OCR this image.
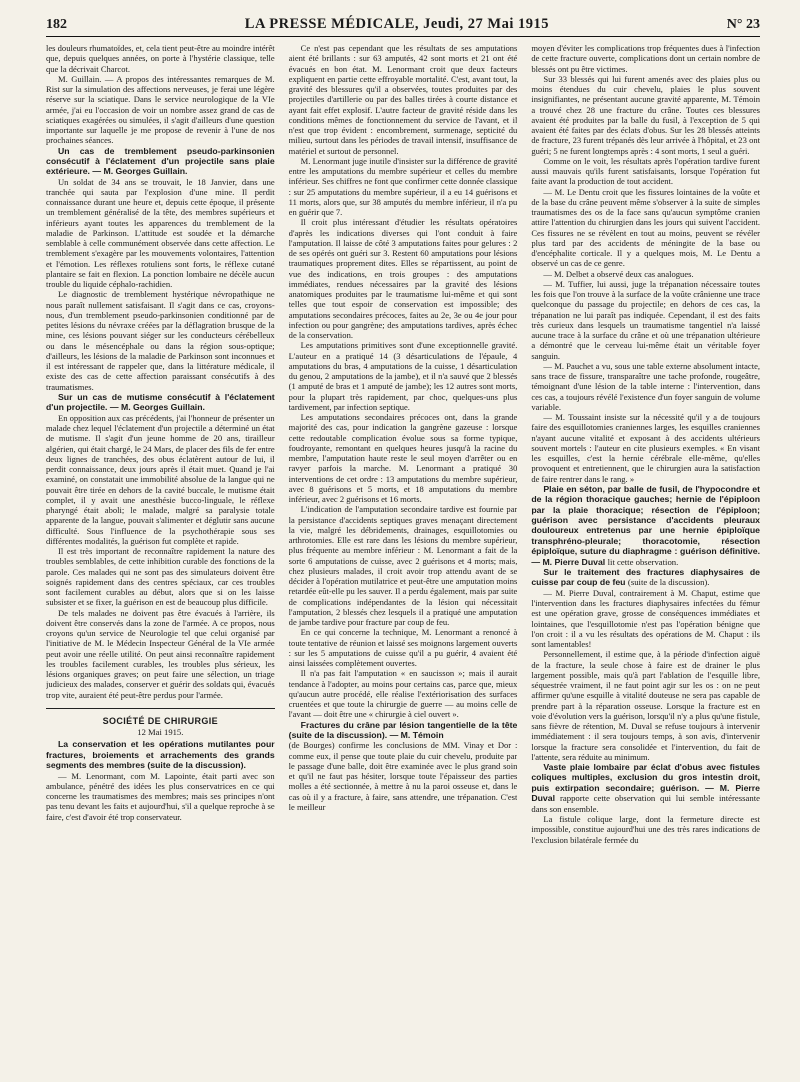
182	LA PRESSE MÉDICALE, Jeudi, 27 Mai 1915	N° 23

les douleurs rhumatoïdes, et, cela tient peut-être au moindre intérêt que, depuis quelques années, on porte à l'hystérie classique, telle que la décrivait Charcot.

M. Guillain. — A propos des intéressantes remarques de M. Rist sur la simulation des affections nerveuses, je ferai une légère réserve sur la sciatique. Dans le service neurologique de la VIe armée, j'ai eu l'occasion de voir un nombre assez grand de cas de sciatiques exagérées ou simulées, il s'agit d'ailleurs d'une question importante sur laquelle je me propose de revenir à l'une de nos prochaines séances.

Un cas de tremblement pseudo-parkinsonien consécutif à l'éclatement d'un projectile sans plaie extérieure. — M. Georges Guillain.

Un soldat de 34 ans se trouvait, le 18 Janvier, dans une tranchée qui sauta par l'explosion d'une mine. Il perdit connaissance durant une heure et, depuis cette époque, il présente un tremblement généralisé de la tête, des membres supérieurs et inférieurs ayant toutes les apparences du tremblement de la maladie de Parkinson. L'attitude est soudée et la démarche semblable à celle communément observée dans cette affection. Le tremblement s'exagère par les mouvements volontaires, l'attention et l'émotion. Les réflexes rotuliens sont forts, le réflexe cutané plantaire se fait en flexion. La ponction lombaire ne décèle aucun trouble du liquide céphalo-rachidien.

Le diagnostic de tremblement hystérique névropathique ne nous paraît nullement satisfaisant. Il s'agit dans ce cas, croyons-nous, d'un tremblement pseudo-parkinsonien conditionné par de petites lésions du névraxe créées par la déflagration brusque de la mine, ces lésions pouvant siéger sur les conducteurs cérébelleux ou dans le mésencéphale ou dans la région sous-optique; d'ailleurs, les lésions de la maladie de Parkinson sont inconnues et il est intéressant de rappeler que, dans la littérature médicale, il existe des cas de cette affection paraissant consécutifs à des traumatismes.

Sur un cas de mutisme consécutif à l'éclatement d'un projectile. — M. Georges Guillain.

En opposition aux cas précédents, j'ai l'honneur de présenter un malade chez lequel l'éclatement d'un projectile a déterminé un état de mutisme. Il s'agit d'un jeune homme de 20 ans, tirailleur algérien, qui était chargé, le 24 Mars, de placer des fils de fer entre deux lignes de tranchées, des obus éclatèrent autour de lui, il perdit connaissance, deux jours après il était muet. Quand je l'ai examiné, on constatait une immobilité absolue de la langue qui ne pouvait être tirée en dehors de la cavité buccale, le mutisme était complet, il y avait une anesthésie bucco-linguale, le réflexe pharyngé était aboli; le malade, malgré sa paralysie totale apparente de la langue, pouvait s'alimenter et déglutir sans aucune difficulté. Sous l'influence de la psychothérapie sous ses différentes modalités, la guérison fut complète et rapide.

Il est très important de reconnaître rapidement la nature des troubles semblables, de cette inhibition curable des fonctions de la parole. Ces malades qui ne sont pas des simulateurs doivent être soignés rapidement dans des centres spéciaux, car ces troubles sont facilement curables au début, alors que si on les laisse subsister et se fixer, la guérison en est de beaucoup plus difficile.

De tels malades ne doivent pas être évacués à l'arrière, ils doivent être conservés dans la zone de l'armée. A ce propos, nous croyons qu'un service de Neurologie tel que celui organisé par l'initiative de M. le Médecin Inspecteur Général de la VIe armée peut avoir une réelle utilité. On peut ainsi reconnaître rapidement les troubles facilement curables, les troubles plus sérieux, les lésions organiques graves; on peut faire une sélection, un triage judicieux des malades, conserver et guérir des soldats qui, évacués trop vite, auraient été peut-être perdus pour l'armée.

SOCIÉTÉ DE CHIRURGIE
12 Mai 1915.

La conservation et les opérations mutilantes pour fractures, broiements et arrachements des grands segments des membres (suite de la discussion).

— M. Lenormant, com M. Lapointe, était parti avec son ambulance, pénétré des idées les plus conservatrices en ce qui concerne les traumatismes des membres; mais ses principes n'ont pas tenu devant les faits et aujourd'hui, s'il a quelque reproche à se faire, c'est d'avoir été trop conservateur.

Ce n'est pas cependant que les résultats de ses amputations aient été brillants : sur 63 amputés, 42 sont morts et 21 ont été évacués en bon état. M. Lenormant croit que deux facteurs expliquent en partie cette effroyable mortalité. C'est, avant tout, la gravité des blessures qu'il a observées, toutes produites par des projectiles d'artillerie ou par des balles tirées à courte distance et ayant fait effet explosif. L'autre facteur de gravité réside dans les conditions mêmes de fonctionnement du service de l'avant, et il n'est que trop évident : encombrement, surmenage, septicité du milieu, surtout dans les périodes de travail intensif, insuffisance de matériel et surtout de personnel.

M. Lenormant juge inutile d'insister sur la différence de gravité entre les amputations du membre supérieur et celles du membre inférieur. Ses chiffres ne font que confirmer cette donnée classique : sur 25 amputations du membre supérieur, il a eu 14 guérisons et 11 morts, alors que, sur 38 amputés du membre inférieur, il n'a pu en guérir que 7.

Il croit plus intéressant d'étudier les résultats opératoires d'après les indications diverses qui l'ont conduit à faire l'amputation. Il laisse de côté 3 amputations faites pour gelures : 2 de ses opérés ont guéri sur 3. Restent 60 amputations pour lésions traumatiques proprement dites. Elles se répartissent, au point de vue des indications, en trois groupes : des amputations immédiates, rendues nécessaires par la gravité des lésions anatomiques produites par le traumatisme lui-même et qui sont telles que tout espoir de conservation est impossible; des amputations secondaires précoces, faites au 2e, 3e ou 4e jour pour infection ou pour gangrène; des amputations tardives, après échec de la conservation.

Les amputations primitives sont d'une exceptionnelle gravité. L'auteur en a pratiqué 14 (3 désarticulations de l'épaule, 4 amputations du bras, 4 amputations de la cuisse, 1 désarticulation du genou, 2 amputations de la jambe), et il n'a sauvé que 2 blessés (1 amputé de bras et 1 amputé de jambe); les 12 autres sont morts, pour la plupart très rapidement, par choc, quelques-uns plus tardivement, par infection septique.

Les amputations secondaires précoces ont, dans la grande majorité des cas, pour indication la gangrène gazeuse : lorsque cette redoutable complication évolue sous sa forme typique, foudroyante, remontant en quelques heures jusqu'à la racine du membre, l'amputation haute reste le seul moyen d'arrêter ou en ravyer parfois la marche. M. Lenormant a pratiqué 30 interventions de cet ordre : 13 amputations du membre supérieur, avec 8 guérisons et 5 morts, et 18 amputations du membre inférieur, avec 2 guérisons et 16 morts.

L'indication de l'amputation secondaire tardive est fournie par la persistance d'accidents septiques graves menaçant directement la vie, malgré les débridements, drainages, esquillotomies ou arthrotomies. Elle est rare dans les lésions du membre supérieur, plus fréquente au membre inférieur : M. Lenormant a fait de la sorte 6 amputations de cuisse, avec 2 guérisons et 4 morts; mais, chez plusieurs malades, il croit avoir trop attendu avant de se décider à l'opération mutilatrice et peut-être une amputation moins retardée eût-elle pu les sauver. Il a perdu également, mais par suite de complications indépendantes de la lésion qui nécessitait l'amputation, 2 blessés chez lesquels il a pratiqué une amputation de jambe tardive pour fracture par coup de feu.

En ce qui concerne la technique, M. Lenormant a renoncé à toute tentative de réunion et laissé ses moignons largement ouverts : sur les 5 amputations de cuisse qu'il a pu guérir, 4 avaient été ainsi laissées complètement ouvertes.

Il n'a pas fait l'amputation « en saucisson »; mais il aurait tendance à l'adopter, au moins pour certains cas, parce que, mieux qu'aucun autre procédé, elle réalise l'extériorisation des surfaces cruentées et que toute la chirurgie de guerre — au moins celle de l'avant — doit être une « chirurgie à ciel ouvert ».

Fractures du crâne par lésion tangentielle de la tête (suite de la discussion). — M. Témoin

(de Bourges) confirme les conclusions de MM. Vinay et Dor : comme eux, il pense que toute plaie du cuir chevelu, produite par le passage d'une balle, doit être examinée avec le plus grand soin et qu'il ne faut pas hésiter, lorsque toute l'épaisseur des parties molles a été sectionnée, à mettre à nu la paroi osseuse et, dans le cas où il y a fracture, à faire, sans attendre, une trépanation. C'est le meilleur

moyen d'éviter les complications trop fréquentes dues à l'infection de cette fracture ouverte, complications dont un certain nombre de blessés ont pu être victimes.

Sur 33 blessés qui lui furent amenés avec des plaies plus ou moins étendues du cuir chevelu, plaies le plus souvent insignifiantes, ne présentant aucune gravité apparente, M. Témoin a trouvé chez 28 une fracture du crâne. Toutes ces blessures avaient été produites par la balle du fusil, à l'exception de 5 qui avaient été faites par des éclats d'obus. Sur les 28 blessés atteints de fracture, 23 furent trépanés dès leur arrivée à l'hôpital, et 23 ont guéri; 5 ne furent longtemps après : 4 sont morts, 1 seul a guéri.

Comme on le voit, les résultats après l'opération tardive furent aussi mauvais qu'ils furent satisfaisants, lorsque l'opération fut faite avant la production de tout accident.

— M. Le Dentu croit que les fissures lointaines de la voûte et de la base du crâne peuvent même s'observer à la suite de simples traumatismes des os de la face sans qu'aucun symptôme cranien attire l'attention du chirurgien dans les jours qui suivent l'accident. Ces fissures ne se révèlent en tout au moins, peuvent se révéler plus tard par des accidents de méningite de la base ou d'encéphalite corticale. Il y a quelques mois, M. Le Dentu a observé un cas de ce genre.

— M. Delbet a observé deux cas analogues.

— M. Tuffier, lui aussi, juge la trépanation nécessaire toutes les fois que l'on trouve à la surface de la voûte crânienne une trace quelconque du passage du projectile; en dehors de ces cas, la trépanation ne lui paraît pas indiquée. Cependant, il est des faits très curieux dans lesquels un traumatisme tangentiel n'a laissé aucune trace à la surface du crâne et où une trépanation ultérieure a démontré que le cerveau lui-même était un véritable foyer sanguin.

— M. Pauchet a vu, sous une table externe absolument intacte, sans trace de fissure, transparaître une tache profonde, rougeâtre, témoignant d'une lésion de la table interne : l'intervention, dans ces cas, a toujours révélé l'existence d'un foyer sanguin de volume variable.

— M. Toussaint insiste sur la nécessité qu'il y a de toujours faire des esquillotomies craniennes larges, les esquilles craniennes n'ayant aucune vitalité et exposant à des accidents ultérieurs souvent mortels : l'auteur en cite plusieurs exemples. « En visant les esquilles, c'est la hernie cérébrale elle-même, qu'elles provoquent et entretiennent, que le chirurgien aura la satisfaction de faire rentrer dans le rang. »

Plaie en séton, par balle de fusil, de l'hypocondre et de la région thoracique gauches; hernie de l'épiploon par la plaie thoracique; résection de l'épiploon; guérison avec persistance d'accidents pleuraux douloureux entretenus par une hernie épiploïque transphréno-pleurale; thoracotomie, résection épiploïque, suture du diaphragme : guérison définitive. — M. Pierre Duval lit cette observation.

Sur le traitement des fractures diaphysaires de cuisse par coup de feu (suite de la discussion).

— M. Pierre Duval, contrairement à M. Chaput, estime que l'intervention dans les fractures diaphysaires infectées du fémur est une opération grave, grosse de conséquences immédiates et lointaines, que l'esquillotomie n'est pas l'opération bénigne que l'on croit : il a vu les résultats des opérations de M. Chaput : ils sont lamentables!

Personnellement, il estime que, à la période d'infection aiguë de la fracture, la seule chose à faire est de drainer le plus largement possible, mais qu'à part l'ablation de l'esquille libre, séquestrée vraiment, il ne faut point agir sur les os : on ne peut affirmer qu'une esquille à vitalité douteuse ne sera pas capable de prendre part à la réparation osseuse. Lorsque la fracture est en voie d'évolution vers la guérison, lorsqu'il n'y a plus qu'une fistule, sans fièvre de rétention, M. Duval se refuse toujours à intervenir immédiatement : il sera toujours temps, à son avis, d'intervenir lorsque la fracture sera consolidée et l'intervention, du fait de l'attente, sera réduite au minimum.

Vaste plaie lombaire par éclat d'obus avec fistules coliques multiples, exclusion du gros intestin droit, puis extirpation secondaire; guérison. — M. Pierre Duval rapporte cette observation qui lui semble intéressante dans son ensemble.

La fistule colique large, dont la fermeture directe est impossible, constitue aujourd'hui une des très rares indications de l'exclusion bilatérale fermée du
